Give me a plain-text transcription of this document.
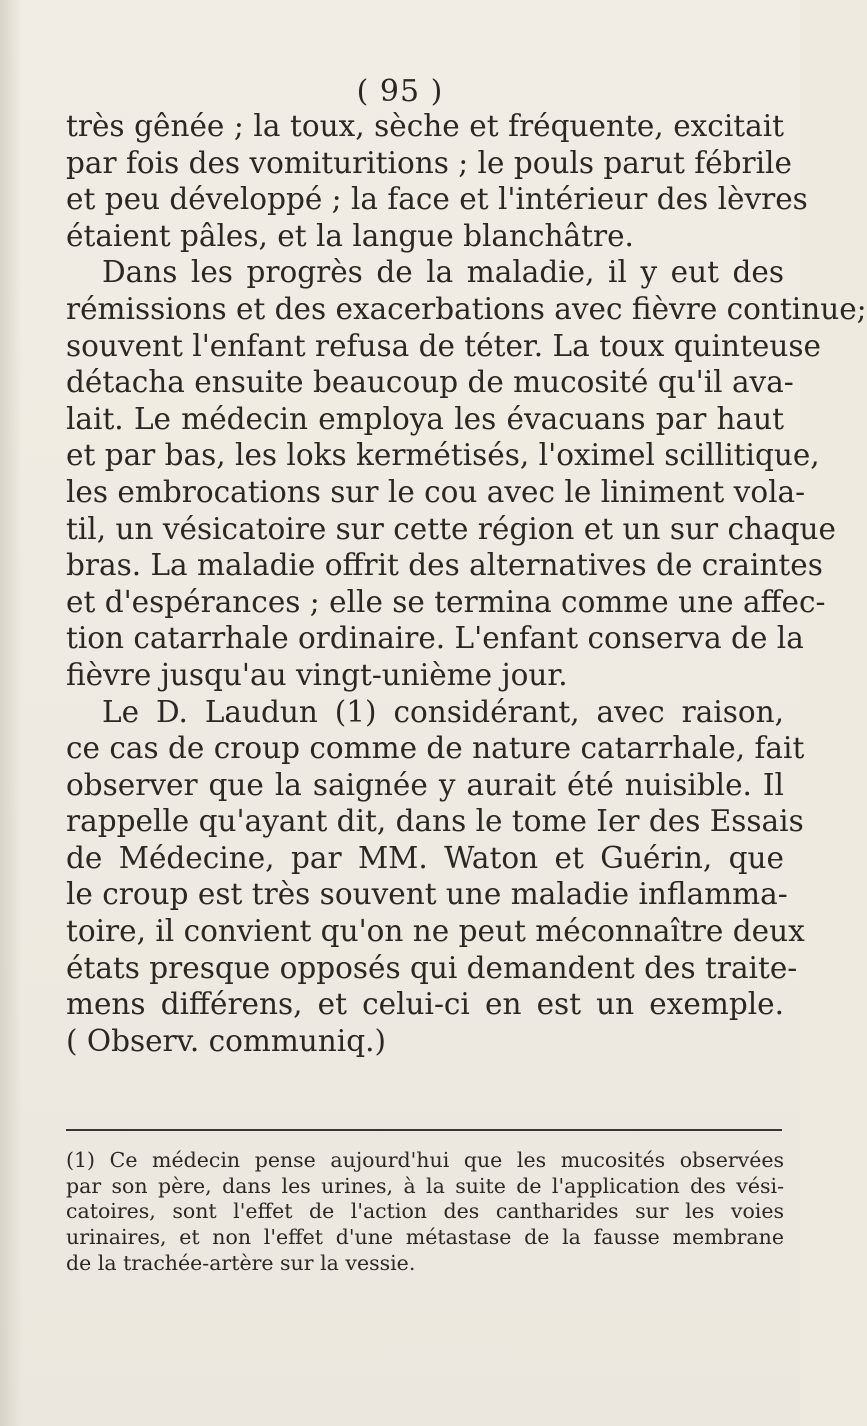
( 95 )
très gênée ; la toux, sèche et fréquente, excitait
par fois des vomituritions ; le pouls parut fébrile
et peu développé ; la face et l'intérieur des lèvres
étaient pâles, et la langue blanchâtre.
Dans les progrès de la maladie, il y eut des
rémissions et des exacerbations avec fièvre continue;
souvent l'enfant refusa de téter. La toux quinteuse
détacha ensuite beaucoup de mucosité qu'il ava-
lait. Le médecin employa les évacuans par haut
et par bas, les loks kermétisés, l'oximel scillitique,
les embrocations sur le cou avec le liniment vola-
til, un vésicatoire sur cette région et un sur chaque
bras. La maladie offrit des alternatives de craintes
et d'espérances ; elle se termina comme une affec-
tion catarrhale ordinaire. L'enfant conserva de la
fièvre jusqu'au vingt-unième jour.
Le D. Laudun (1) considérant, avec raison,
ce cas de croup comme de nature catarrhale, fait
observer que la saignée y aurait été nuisible. Il
rappelle qu'ayant dit, dans le tome Ier des Essais
de Médecine, par MM. Waton et Guérin, que
le croup est très souvent une maladie inflamma-
toire, il convient qu'on ne peut méconnaître deux
états presque opposés qui demandent des traite-
mens différens, et celui-ci en est un exemple.
( Observ. communiq.)
(1) Ce médecin pense aujourd'hui que les mucosités observées
par son père, dans les urines, à la suite de l'application des vési-
catoires, sont l'effet de l'action des cantharides sur les voies
urinaires, et non l'effet d'une métastase de la fausse membrane
de la trachée-artère sur la vessie.
